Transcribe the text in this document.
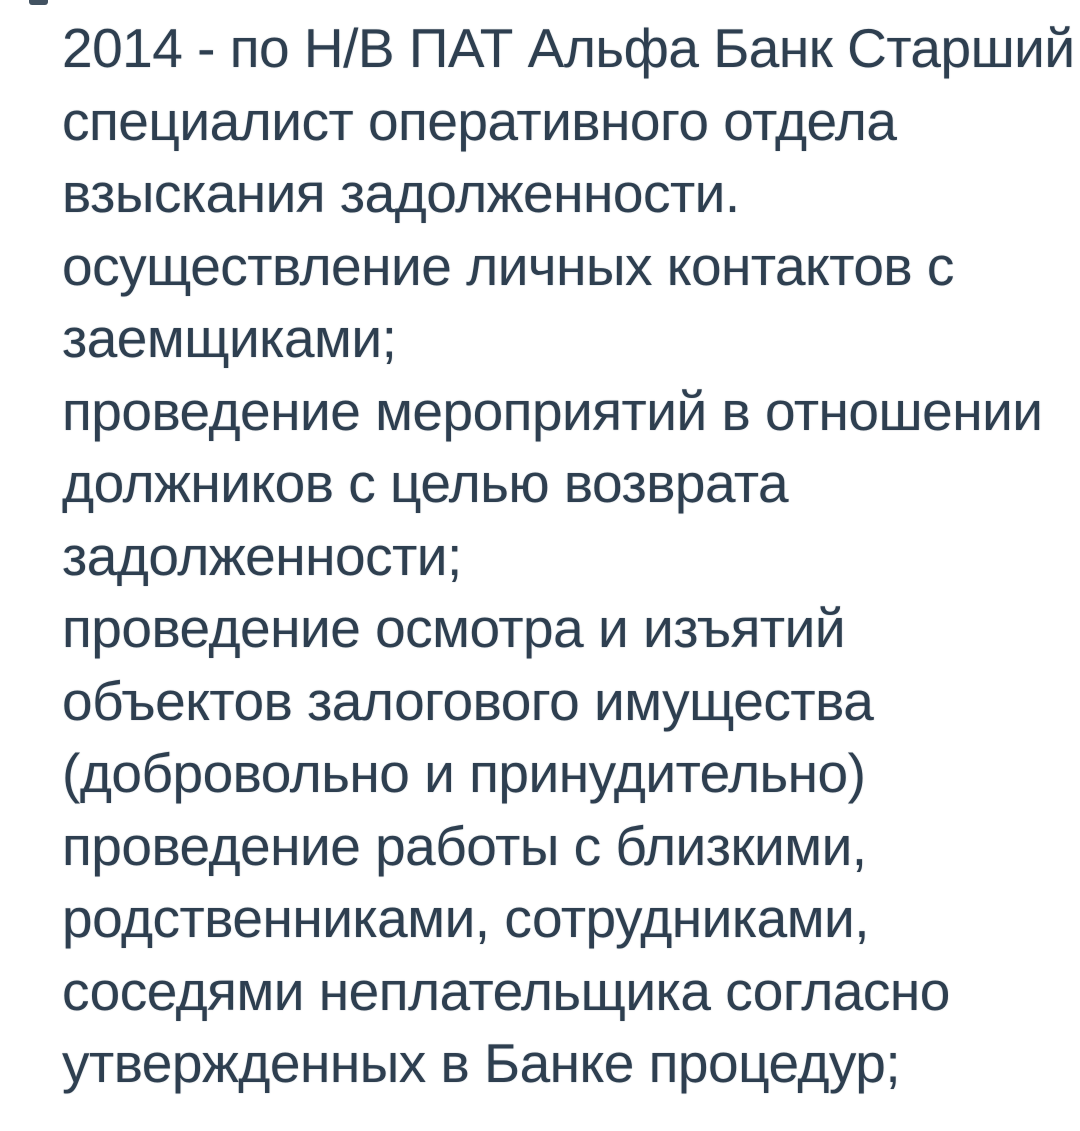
2014 - по Н/В ПАТ Альфа Банк Старший
специалист оперативного отдела
взыскания задолженности.
осуществление личных контактов с
заемщиками;
проведение мероприятий в отношении
должников с целью возврата
задолженности;
проведение осмотра и изъятий
объектов залогового имущества
(добровольно и принудительно)
проведение работы с близкими,
родственниками, сотрудниками,
соседями неплательщика согласно
утвержденных в Банке процедур;
